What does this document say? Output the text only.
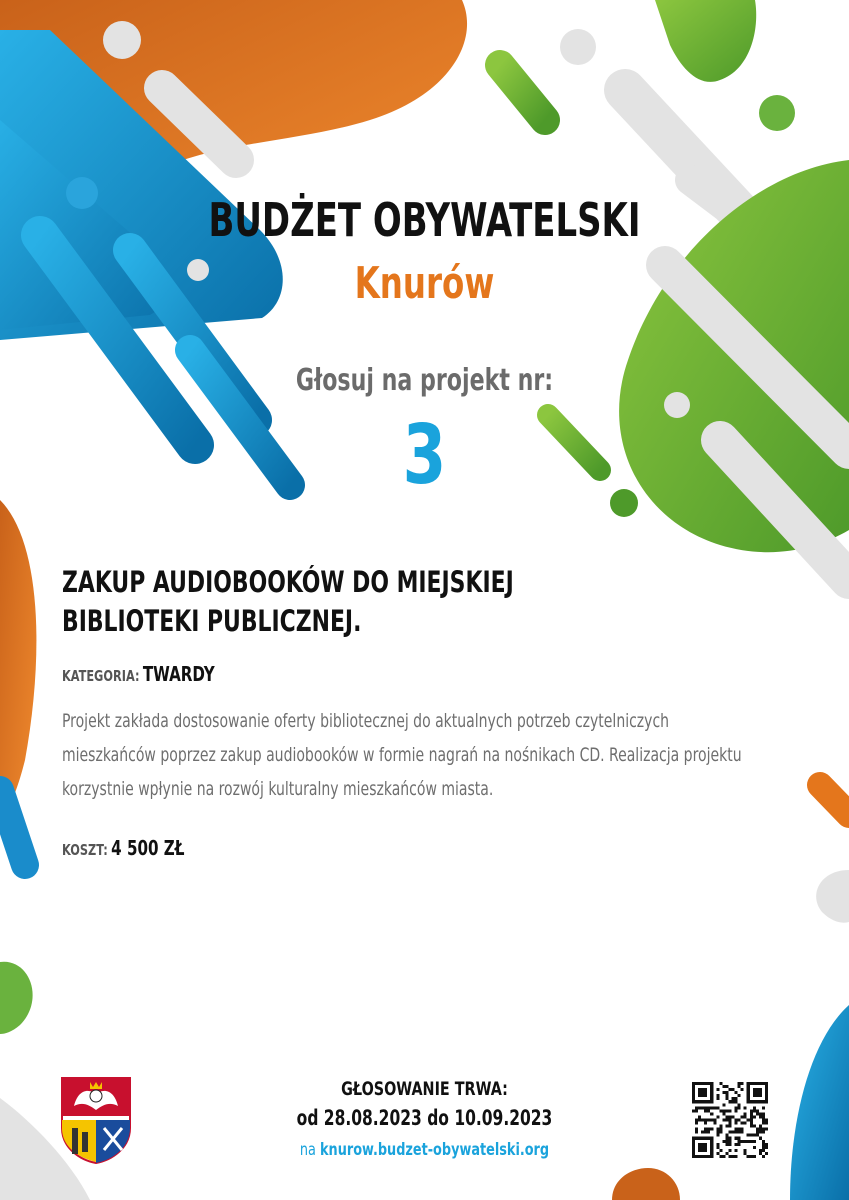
BUDŻET OBYWATELSKI
Knurów
Głosuj na projekt nr:
3
ZAKUP AUDIOBOOKÓW DO MIEJSKIEJ BIBLIOTEKI PUBLICZNEJ.
KATEGORIA: TWARDY
Projekt zakłada dostosowanie oferty bibliotecznej do aktualnych potrzeb czytelniczych mieszkańców poprzez zakup audiobooków w formie nagrań na nośnikach CD. Realizacja projektu korzystnie wpłynie na rozwój kulturalny mieszkańców miasta.
KOSZT: 4 500 ZŁ
GŁOSOWANIE TRWA:
od 28.08.2023 do 10.09.2023
na knurow.budzet-obywatelski.org
